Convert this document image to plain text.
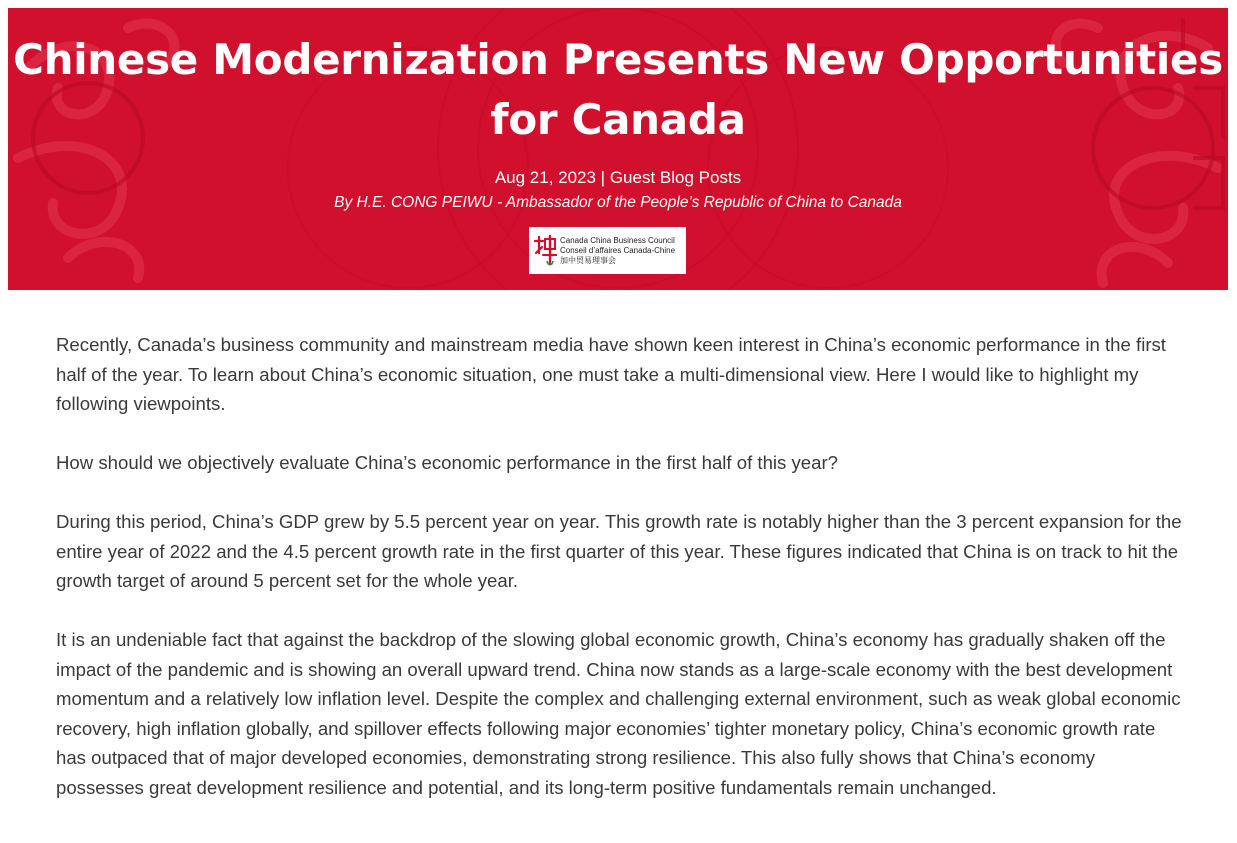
Chinese Modernization Presents New Opportunities for Canada
Aug 21, 2023 | Guest Blog Posts
By H.E. CONG PEIWU - Ambassador of the People’s Republic of China to Canada
Canada China Business Council
Conseil d’affaires Canada-Chine
加中贸易理事会

Recently, Canada’s business community and mainstream media have shown keen interest in China’s economic performance in the first half of the year. To learn about China’s economic situation, one must take a multi-dimensional view. Here I would like to highlight my following viewpoints.

How should we objectively evaluate China’s economic performance in the first half of this year?

During this period, China’s GDP grew by 5.5 percent year on year. This growth rate is notably higher than the 3 percent expansion for the entire year of 2022 and the 4.5 percent growth rate in the first quarter of this year. These figures indicated that China is on track to hit the growth target of around 5 percent set for the whole year.

It is an undeniable fact that against the backdrop of the slowing global economic growth, China’s economy has gradually shaken off the impact of the pandemic and is showing an overall upward trend. China now stands as a large-scale economy with the best development momentum and a relatively low inflation level. Despite the complex and challenging external environment, such as weak global economic recovery, high inflation globally, and spillover effects following major economies’ tighter monetary policy, China’s economic growth rate has outpaced that of major developed economies, demonstrating strong resilience. This also fully shows that China’s economy possesses great development resilience and potential, and its long-term positive fundamentals remain unchanged.
